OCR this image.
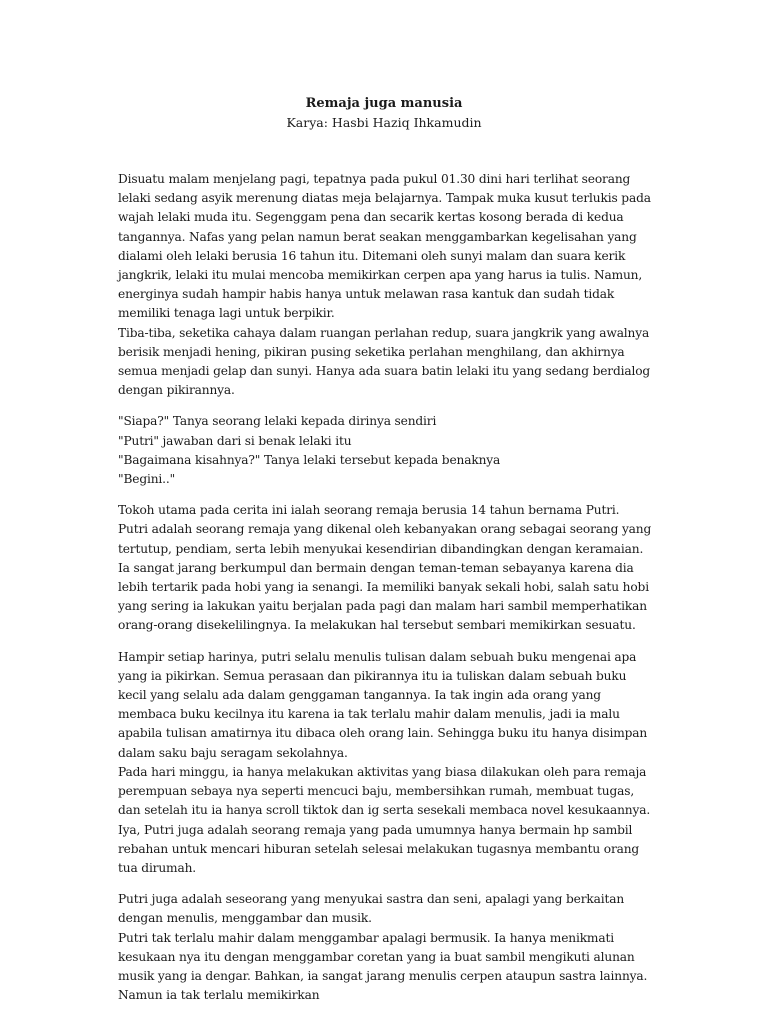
Remaja juga manusia
Karya: Hasbi Haziq Ihkamudin

Disuatu malam menjelang pagi, tepatnya pada pukul 01.30 dini hari terlihat seorang lelaki sedang asyik merenung diatas meja belajarnya. Tampak muka kusut terlukis pada wajah lelaki muda itu. Segenggam pena dan secarik kertas kosong berada di kedua tangannya. Nafas yang pelan namun berat seakan menggambarkan kegelisahan yang dialami oleh lelaki berusia 16 tahun itu. Ditemani oleh sunyi malam dan suara kerik jangkrik, lelaki itu mulai mencoba memikirkan cerpen apa yang harus ia tulis. Namun, energinya sudah hampir habis hanya untuk melawan rasa kantuk dan sudah tidak memiliki tenaga lagi untuk berpikir.

Tiba-tiba, seketika cahaya dalam ruangan perlahan redup, suara jangkrik yang awalnya berisik menjadi hening, pikiran pusing seketika perlahan menghilang, dan akhirnya semua menjadi gelap dan sunyi. Hanya ada suara batin lelaki itu yang sedang berdialog dengan pikirannya.

"Siapa?" Tanya seorang lelaki kepada dirinya sendiri

"Putri" jawaban dari si benak lelaki itu

"Bagaimana kisahnya?" Tanya lelaki tersebut kepada benaknya

"Begini.."

Tokoh utama pada cerita ini ialah seorang remaja berusia 14 tahun bernama Putri.

Putri adalah seorang remaja yang dikenal oleh kebanyakan orang sebagai seorang yang tertutup, pendiam, serta lebih menyukai kesendirian dibandingkan dengan keramaian. Ia sangat jarang berkumpul dan bermain dengan teman-teman sebayanya karena dia lebih tertarik pada hobi yang ia senangi. Ia memiliki banyak sekali hobi, salah satu hobi yang sering ia lakukan yaitu berjalan pada pagi dan malam hari sambil memperhatikan orang-orang disekelilingnya. Ia melakukan hal tersebut sembari memikirkan sesuatu.

Hampir setiap harinya, putri selalu menulis tulisan dalam sebuah buku mengenai apa yang ia pikirkan. Semua perasaan dan pikirannya itu ia tuliskan dalam sebuah buku kecil yang selalu ada dalam genggaman tangannya. Ia tak ingin ada orang yang membaca buku kecilnya itu karena ia tak terlalu mahir dalam menulis, jadi ia malu apabila tulisan amatirnya itu dibaca oleh orang lain. Sehingga buku itu hanya disimpan dalam saku baju seragam sekolahnya.

Pada hari minggu, ia hanya melakukan aktivitas yang biasa dilakukan oleh para remaja perempuan sebaya nya seperti mencuci baju, membersihkan rumah, membuat tugas, dan setelah itu ia hanya scroll tiktok dan ig serta sesekali membaca novel kesukaannya. Iya, Putri juga adalah seorang remaja yang pada umumnya hanya bermain hp sambil rebahan untuk mencari hiburan setelah selesai melakukan tugasnya membantu orang tua dirumah.

Putri juga adalah seseorang yang menyukai sastra dan seni, apalagi yang berkaitan dengan menulis, menggambar dan musik.

Putri tak terlalu mahir dalam menggambar apalagi bermusik. Ia hanya menikmati kesukaan nya itu dengan menggambar coretan yang ia buat sambil mengikuti alunan musik yang ia dengar. Bahkan, ia sangat jarang menulis cerpen ataupun sastra lainnya. Namun ia tak terlalu memikirkan
